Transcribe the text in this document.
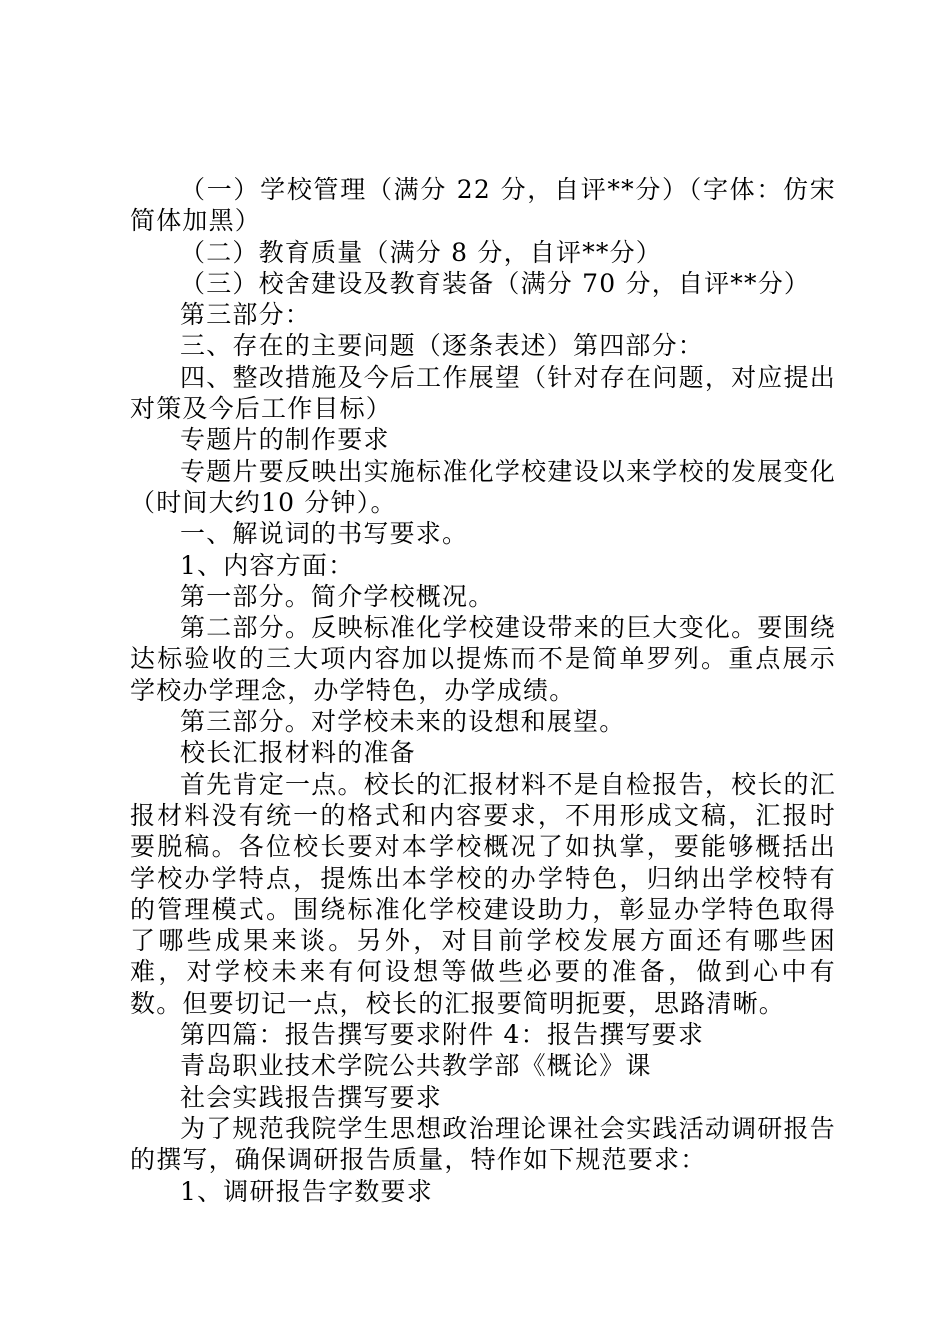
（一）学校管理（满分 22 分，自评**分）（字体：仿宋简体加黑）

（二）教育质量（满分 8 分，自评**分）

（三）校舍建设及教育装备（满分 70 分，自评**分）

第三部分：

三、存在的主要问题（逐条表述）第四部分：

四、整改措施及今后工作展望（针对存在问题，对应提出对策及今后工作目标）

专题片的制作要求

专题片要反映出实施标准化学校建设以来学校的发展变化（时间大约10 分钟）。

一、解说词的书写要求。

1、内容方面：

第一部分。简介学校概况。

第二部分。反映标准化学校建设带来的巨大变化。要围绕达标验收的三大项内容加以提炼而不是简单罗列。重点展示学校办学理念，办学特色，办学成绩。

第三部分。对学校未来的设想和展望。

校长汇报材料的准备

首先肯定一点。校长的汇报材料不是自检报告，校长的汇报材料没有统一的格式和内容要求，不用形成文稿，汇报时要脱稿。各位校长要对本学校概况了如执掌，要能够概括出学校办学特点，提炼出本学校的办学特色，归纳出学校特有的管理模式。围绕标准化学校建设助力，彰显办学特色取得了哪些成果来谈。另外，对目前学校发展方面还有哪些困难，对学校未来有何设想等做些必要的准备，做到心中有数。但要切记一点，校长的汇报要简明扼要，思路清晰。

第四篇：报告撰写要求附件 4：报告撰写要求

青岛职业技术学院公共教学部《概论》课

社会实践报告撰写要求

为了规范我院学生思想政治理论课社会实践活动调研报告的撰写，确保调研报告质量，特作如下规范要求：

1、调研报告字数要求
